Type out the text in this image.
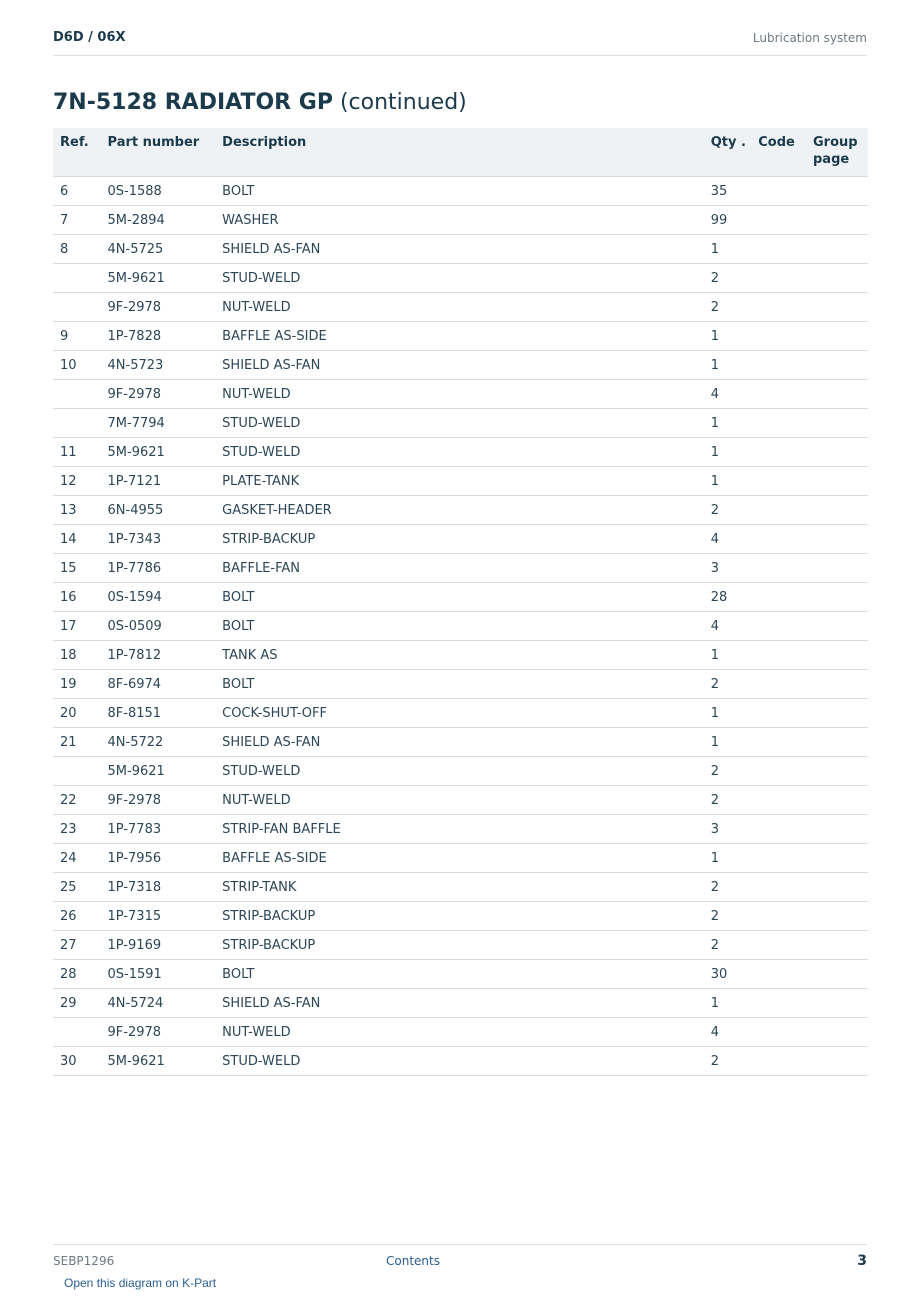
D6D / 06X	Lubrication system
7N-5128 RADIATOR GP (continued)
Ref.	Part number	Description	Qty .	Code	Group page
6	0S-1588	BOLT	35		
7	5M-2894	WASHER	99		
8	4N-5725	SHIELD AS-FAN	1		
	5M-9621	STUD-WELD	2		
	9F-2978	NUT-WELD	2		
9	1P-7828	BAFFLE AS-SIDE	1		
10	4N-5723	SHIELD AS-FAN	1		
	9F-2978	NUT-WELD	4		
	7M-7794	STUD-WELD	1		
11	5M-9621	STUD-WELD	1		
12	1P-7121	PLATE-TANK	1		
13	6N-4955	GASKET-HEADER	2		
14	1P-7343	STRIP-BACKUP	4		
15	1P-7786	BAFFLE-FAN	3		
16	0S-1594	BOLT	28		
17	0S-0509	BOLT	4		
18	1P-7812	TANK AS	1		
19	8F-6974	BOLT	2		
20	8F-8151	COCK-SHUT-OFF	1		
21	4N-5722	SHIELD AS-FAN	1		
	5M-9621	STUD-WELD	2		
22	9F-2978	NUT-WELD	2		
23	1P-7783	STRIP-FAN BAFFLE	3		
24	1P-7956	BAFFLE AS-SIDE	1		
25	1P-7318	STRIP-TANK	2		
26	1P-7315	STRIP-BACKUP	2		
27	1P-9169	STRIP-BACKUP	2		
28	0S-1591	BOLT	30		
29	4N-5724	SHIELD AS-FAN	1		
	9F-2978	NUT-WELD	4		
30	5M-9621	STUD-WELD	2		
SEBP1296	Contents	3
Open this diagram on K-Part
